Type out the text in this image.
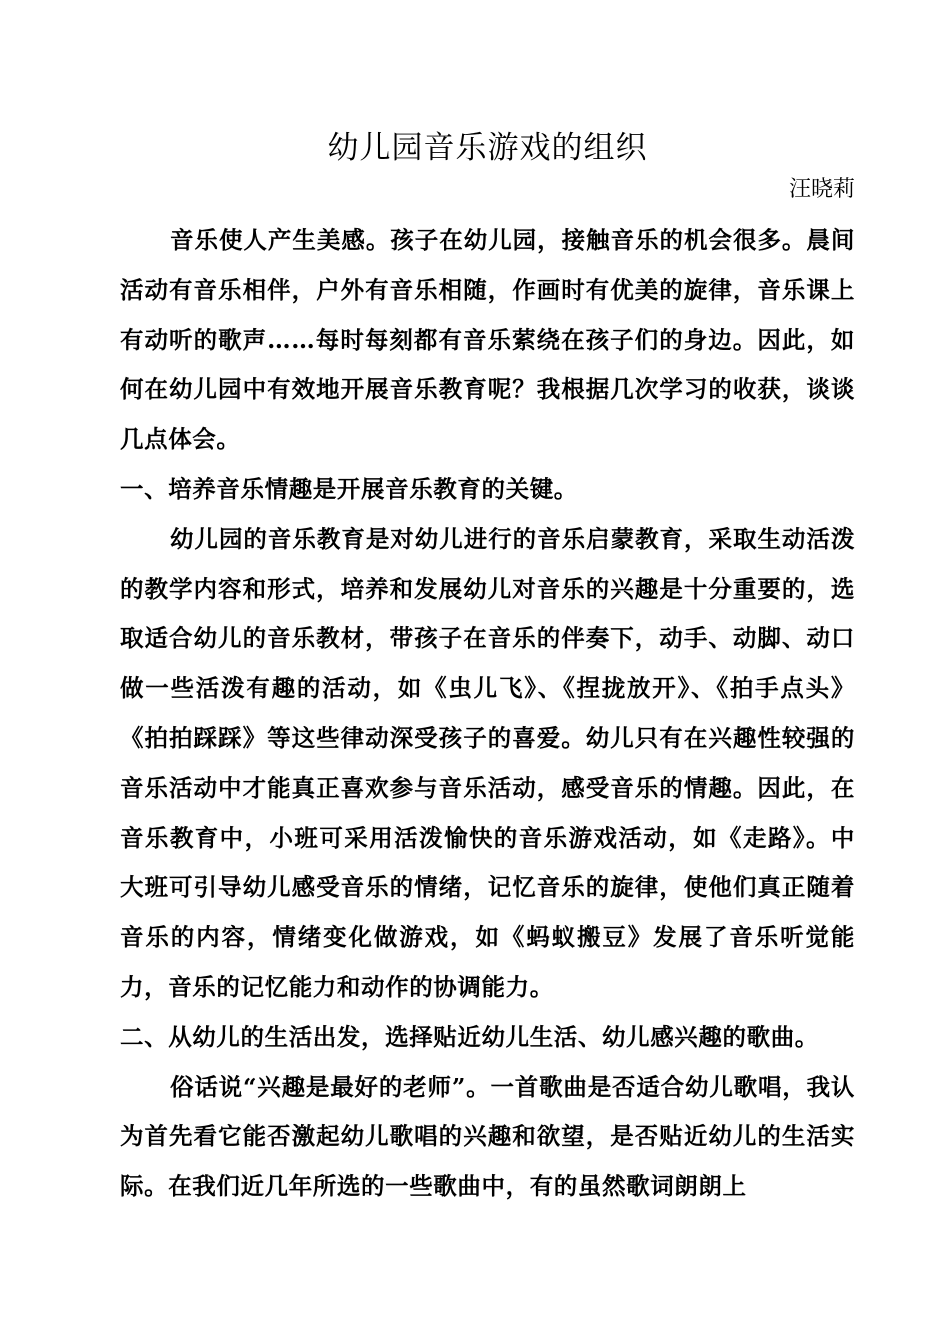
幼儿园音乐游戏的组织
汪晓莉

音乐使人产生美感。孩子在幼儿园，接触音乐的机会很多。晨间活动有音乐相伴，户外有音乐相随，作画时有优美的旋律，音乐课上有动听的歌声……每时每刻都有音乐萦绕在孩子们的身边。因此，如何在幼儿园中有效地开展音乐教育呢？我根据几次学习的收获，谈谈几点体会。

一、培养音乐情趣是开展音乐教育的关键。

幼儿园的音乐教育是对幼儿进行的音乐启蒙教育，采取生动活泼的教学内容和形式，培养和发展幼儿对音乐的兴趣是十分重要的，选取适合幼儿的音乐教材，带孩子在音乐的伴奏下，动手、动脚、动口做一些活泼有趣的活动，如《虫儿飞》、《捏拢放开》、《拍手点头》《拍拍踩踩》等这些律动深受孩子的喜爱。幼儿只有在兴趣性较强的音乐活动中才能真正喜欢参与音乐活动，感受音乐的情趣。因此，在音乐教育中，小班可采用活泼愉快的音乐游戏活动，如《走路》。中大班可引导幼儿感受音乐的情绪，记忆音乐的旋律，使他们真正随着音乐的内容，情绪变化做游戏，如《蚂蚁搬豆》发展了音乐听觉能力，音乐的记忆能力和动作的协调能力。

二、从幼儿的生活出发，选择贴近幼儿生活、幼儿感兴趣的歌曲。

俗话说“兴趣是最好的老师”。一首歌曲是否适合幼儿歌唱，我认为首先看它能否激起幼儿歌唱的兴趣和欲望，是否贴近幼儿的生活实际。在我们近几年所选的一些歌曲中，有的虽然歌词朗朗上
